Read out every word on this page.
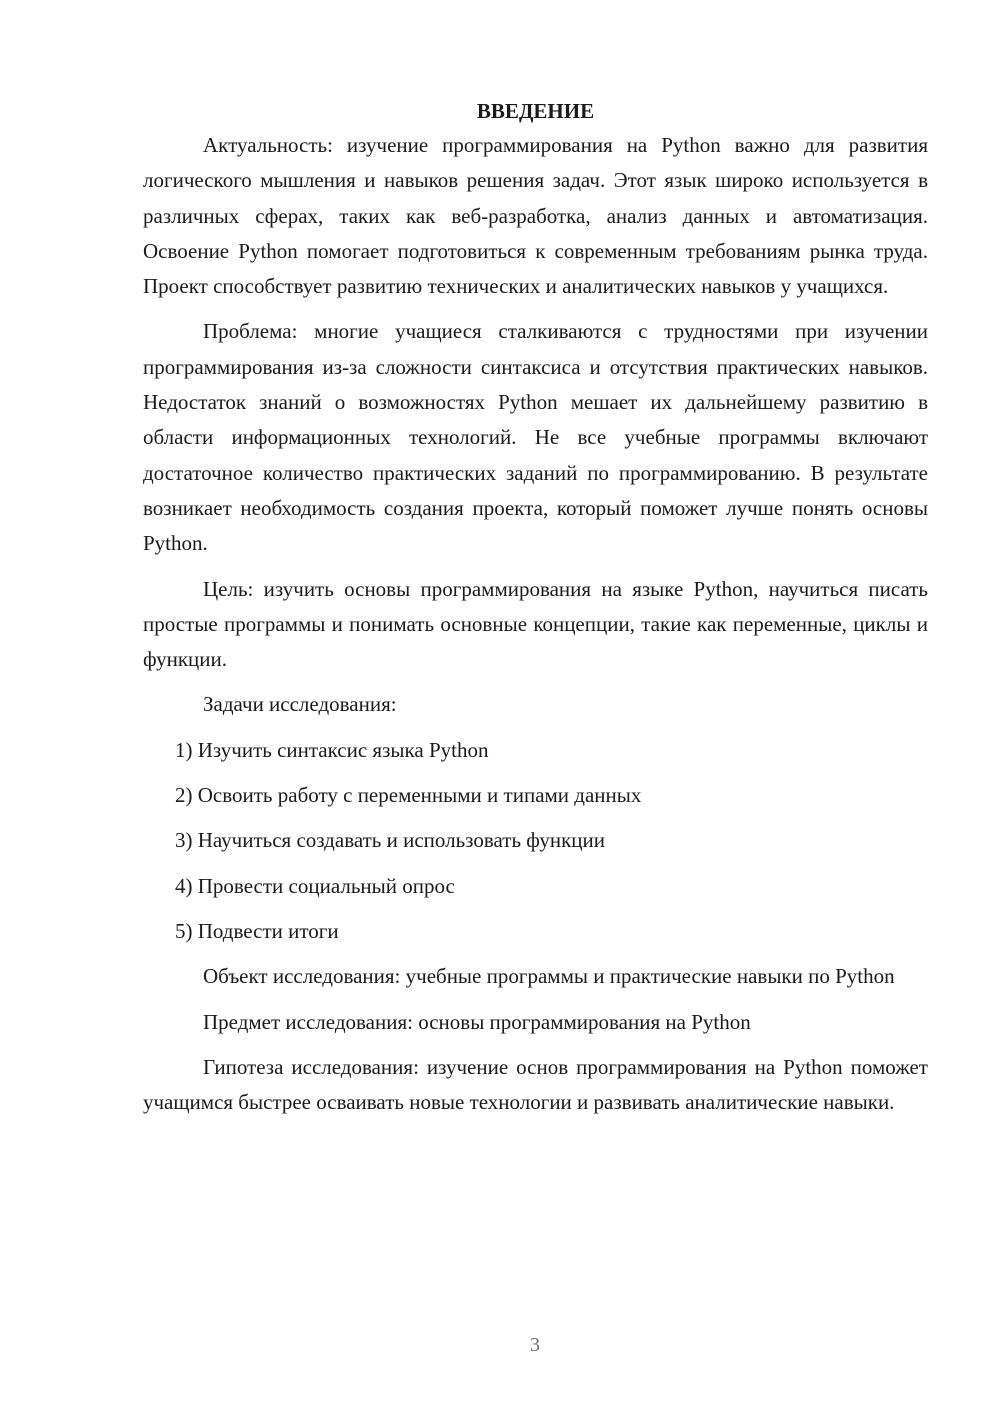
ВВЕДЕНИЕ

Актуальность: изучение программирования на Python важно для развития логического мышления и навыков решения задач. Этот язык широко используется в различных сферах, таких как веб-разработка, анализ данных и автоматизация. Освоение Python помогает подготовиться к современным требованиям рынка труда. Проект способствует развитию технических и аналитических навыков у учащихся.

Проблема: многие учащиеся сталкиваются с трудностями при изучении программирования из-за сложности синтаксиса и отсутствия практических навыков. Недостаток знаний о возможностях Python мешает их дальнейшему развитию в области информационных технологий. Не все учебные программы включают достаточное количество практических заданий по программированию. В результате возникает необходимость создания проекта, который поможет лучше понять основы Python.

Цель: изучить основы программирования на языке Python, научиться писать простые программы и понимать основные концепции, такие как переменные, циклы и функции.

Задачи исследования:

1) Изучить синтаксис языка Python
2) Освоить работу с переменными и типами данных
3) Научиться создавать и использовать функции
4) Провести социальный опрос
5) Подвести итоги

Объект исследования: учебные программы и практические навыки по Python

Предмет исследования: основы программирования на Python

Гипотеза исследования: изучение основ программирования на Python поможет учащимся быстрее осваивать новые технологии и развивать аналитические навыки.

3
